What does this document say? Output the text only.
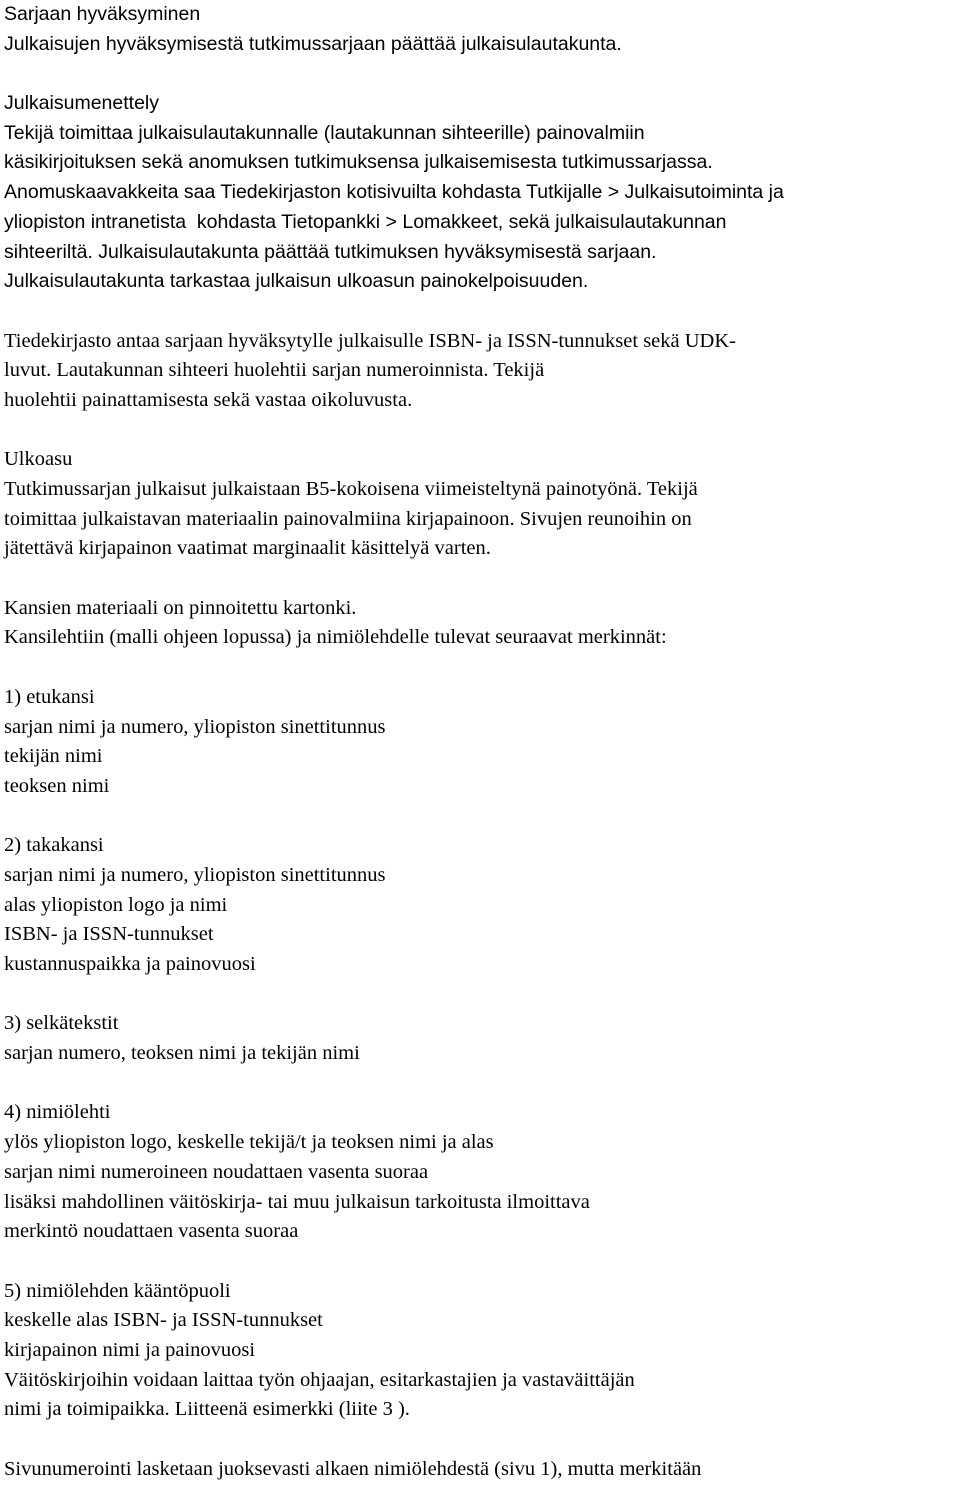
Sarjaan hyväksyminen
Julkaisujen hyväksymisestä tutkimussarjaan päättää julkaisulautakunta.
Julkaisumenettely
Tekijä toimittaa julkaisulautakunnalle (lautakunnan sihteerille) painovalmiin
käsikirjoituksen sekä anomuksen tutkimuksensa julkaisemisesta tutkimussarjassa.
Anomuskaavakkeita saa Tiedekirjaston kotisivuilta kohdasta Tutkijalle > Julkaisutoiminta ja
yliopiston intranetista  kohdasta Tietopankki > Lomakkeet, sekä julkaisulautakunnan
sihteeriltä. Julkaisulautakunta päättää tutkimuksen hyväksymisestä sarjaan.
Julkaisulautakunta tarkastaa julkaisun ulkoasun painokelpoisuuden.
Tiedekirjasto antaa sarjaan hyväksytylle julkaisulle ISBN- ja ISSN-tunnukset sekä UDK-
luvut. Lautakunnan sihteeri huolehtii sarjan numeroinnista. Tekijä
huolehtii painattamisesta sekä vastaa oikoluvusta.
Ulkoasu
Tutkimussarjan julkaisut julkaistaan B5-kokoisena viimeisteltynä painotyönä. Tekijä
toimittaa julkaistavan materiaalin painovalmiina kirjapainoon. Sivujen reunoihin on
jätettävä kirjapainon vaatimat marginaalit käsittelyä varten.
Kansien materiaali on pinnoitettu kartonki.
Kansilehtiin (malli ohjeen lopussa) ja nimiölehdelle tulevat seuraavat merkinnät:
1) etukansi
sarjan nimi ja numero, yliopiston sinettitunnus
tekijän nimi
teoksen nimi
2) takakansi
sarjan nimi ja numero, yliopiston sinettitunnus
alas yliopiston logo ja nimi
ISBN- ja ISSN-tunnukset
kustannuspaikka ja painovuosi
3) selkätekstit
sarjan numero, teoksen nimi ja tekijän nimi
4) nimiölehti
ylös yliopiston logo, keskelle tekijä/t ja teoksen nimi ja alas
sarjan nimi numeroineen noudattaen vasenta suoraa
lisäksi mahdollinen väitöskirja- tai muu julkaisun tarkoitusta ilmoittava
merkintö noudattaen vasenta suoraa
5) nimiölehden kääntöpuoli
keskelle alas ISBN- ja ISSN-tunnukset
kirjapainon nimi ja painovuosi
Väitöskirjoihin voidaan laittaa työn ohjaajan, esitarkastajien ja vastaväittäjän
nimi ja toimipaikka. Liitteenä esimerkki (liite 3 ).
Sivunumerointi lasketaan juoksevasti alkaen nimiölehdestä (sivu 1), mutta merkitään
